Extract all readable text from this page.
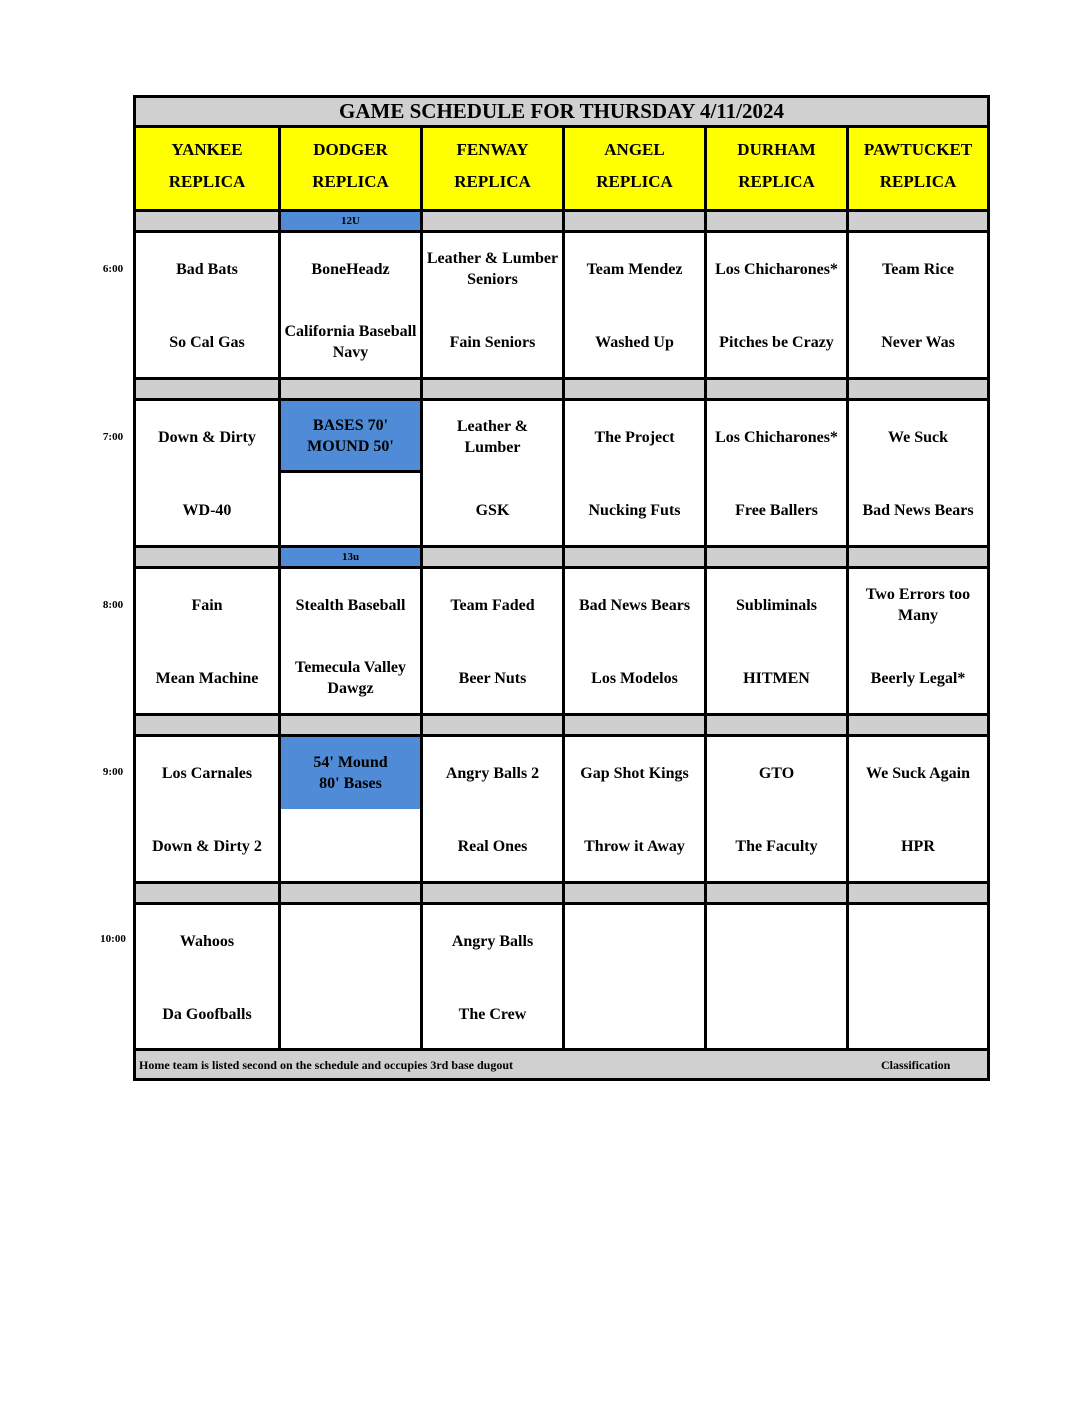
6:00
7:00
8:00
9:00
10:00
GAME SCHEDULE FOR THURSDAY 4/11/2024
YANKEE
REPLICA
Bad Bats
So Cal Gas
Down & Dirty
WD-40
Fain
Mean Machine
Los Carnales
Down & Dirty 2
Wahoos
Da Goofballs
DODGER
REPLICA
12U
BoneHeadz
California Baseball Navy
BASES 70' MOUND 50'
13u
Stealth Baseball
Temecula Valley Dawgz
54' Mound 80' Bases
FENWAY
REPLICA
Leather & Lumber Seniors
Fain Seniors
Leather & Lumber
GSK
Team Faded
Beer Nuts
Angry Balls 2
Real Ones
Angry Balls
The Crew
ANGEL
REPLICA
Team Mendez
Washed Up
The Project
Nucking Futs
Bad News Bears
Los Modelos
Gap Shot Kings
Throw it Away
DURHAM
REPLICA
Los Chicharones*
Pitches be Crazy
Los Chicharones*
Free Ballers
Subliminals
HITMEN
GTO
The Faculty
PAWTUCKET
REPLICA
Team Rice
Never Was
We Suck
Bad News Bears
Two Errors too Many
Beerly Legal*
We Suck Again
HPR
Home team is listed second on the schedule and occupies 3rd base dugout	Classification
